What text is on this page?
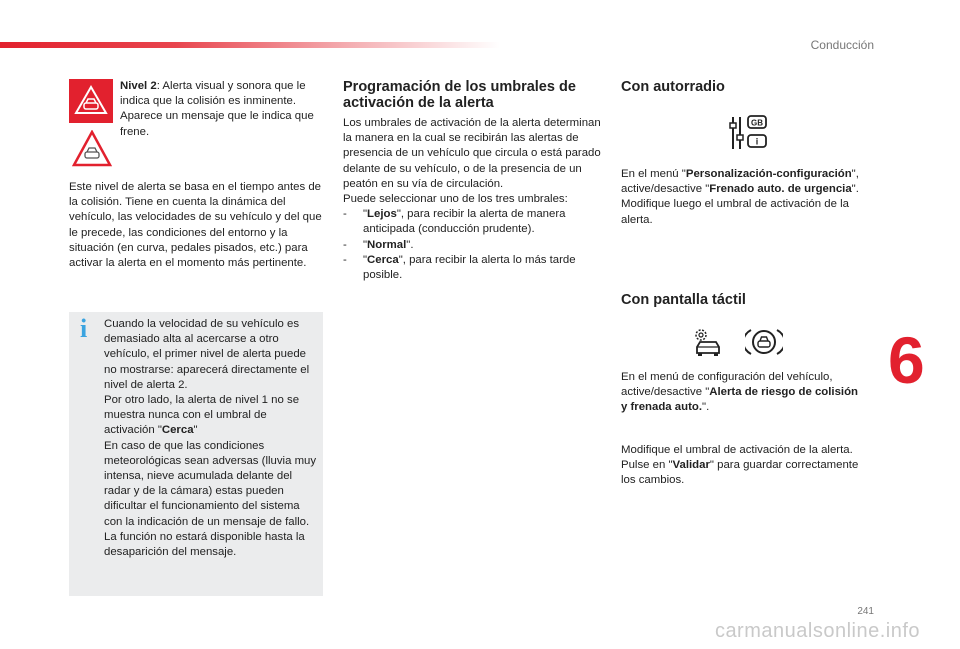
Conducción
Nivel 2: Alerta visual y sonora que le indica que la colisión es inminente. Aparece un mensaje que le indica que frene.
Este nivel de alerta se basa en el tiempo antes de la colisión. Tiene en cuenta la dinámica del vehículo, las velocidades de su vehículo y del que le precede, las condiciones del entorno y la situación (en curva, pedales pisados, etc.) para activar la alerta en el momento más pertinente.
i Cuando la velocidad de su vehículo es demasiado alta al acercarse a otro vehículo, el primer nivel de alerta puede no mostrarse: aparecerá directamente el nivel de alerta 2.

Por otro lado, la alerta de nivel 1 no se muestra nunca con el umbral de activación "Cerca"

En caso de que las condiciones meteorológicas sean adversas (lluvia muy intensa, nieve acumulada delante del radar y de la cámara) estas pueden dificultar el funcionamiento del sistema con la indicación de un mensaje de fallo. La función no estará disponible hasta la desaparición del mensaje.

Programación de los umbrales de activación de la alerta

Los umbrales de activación de la alerta determinan la manera en la cual se recibirán las alertas de presencia de un vehículo que circula o está parado delante de su vehículo, o de la presencia de un peatón en su vía de circulación.

Puede seleccionar uno de los tres umbrales:

- "Lejos", para recibir la alerta de manera anticipada (conducción prudente).
- "Normal".
- "Cerca", para recibir la alerta lo más tarde posible.
Con autorradio
GB
i
En el menú "Personalización-configuración", active/desactive "Frenado auto. de urgencia". Modifique luego el umbral de activación de la alerta.
Con pantalla táctil
En el menú de configuración del vehículo, active/desactive "Alerta de riesgo de colisión y frenada auto.".
Modifique el umbral de activación de la alerta. Pulse en "Validar" para guardar correctamente los cambios.
6
241
carmanualsonline.info
